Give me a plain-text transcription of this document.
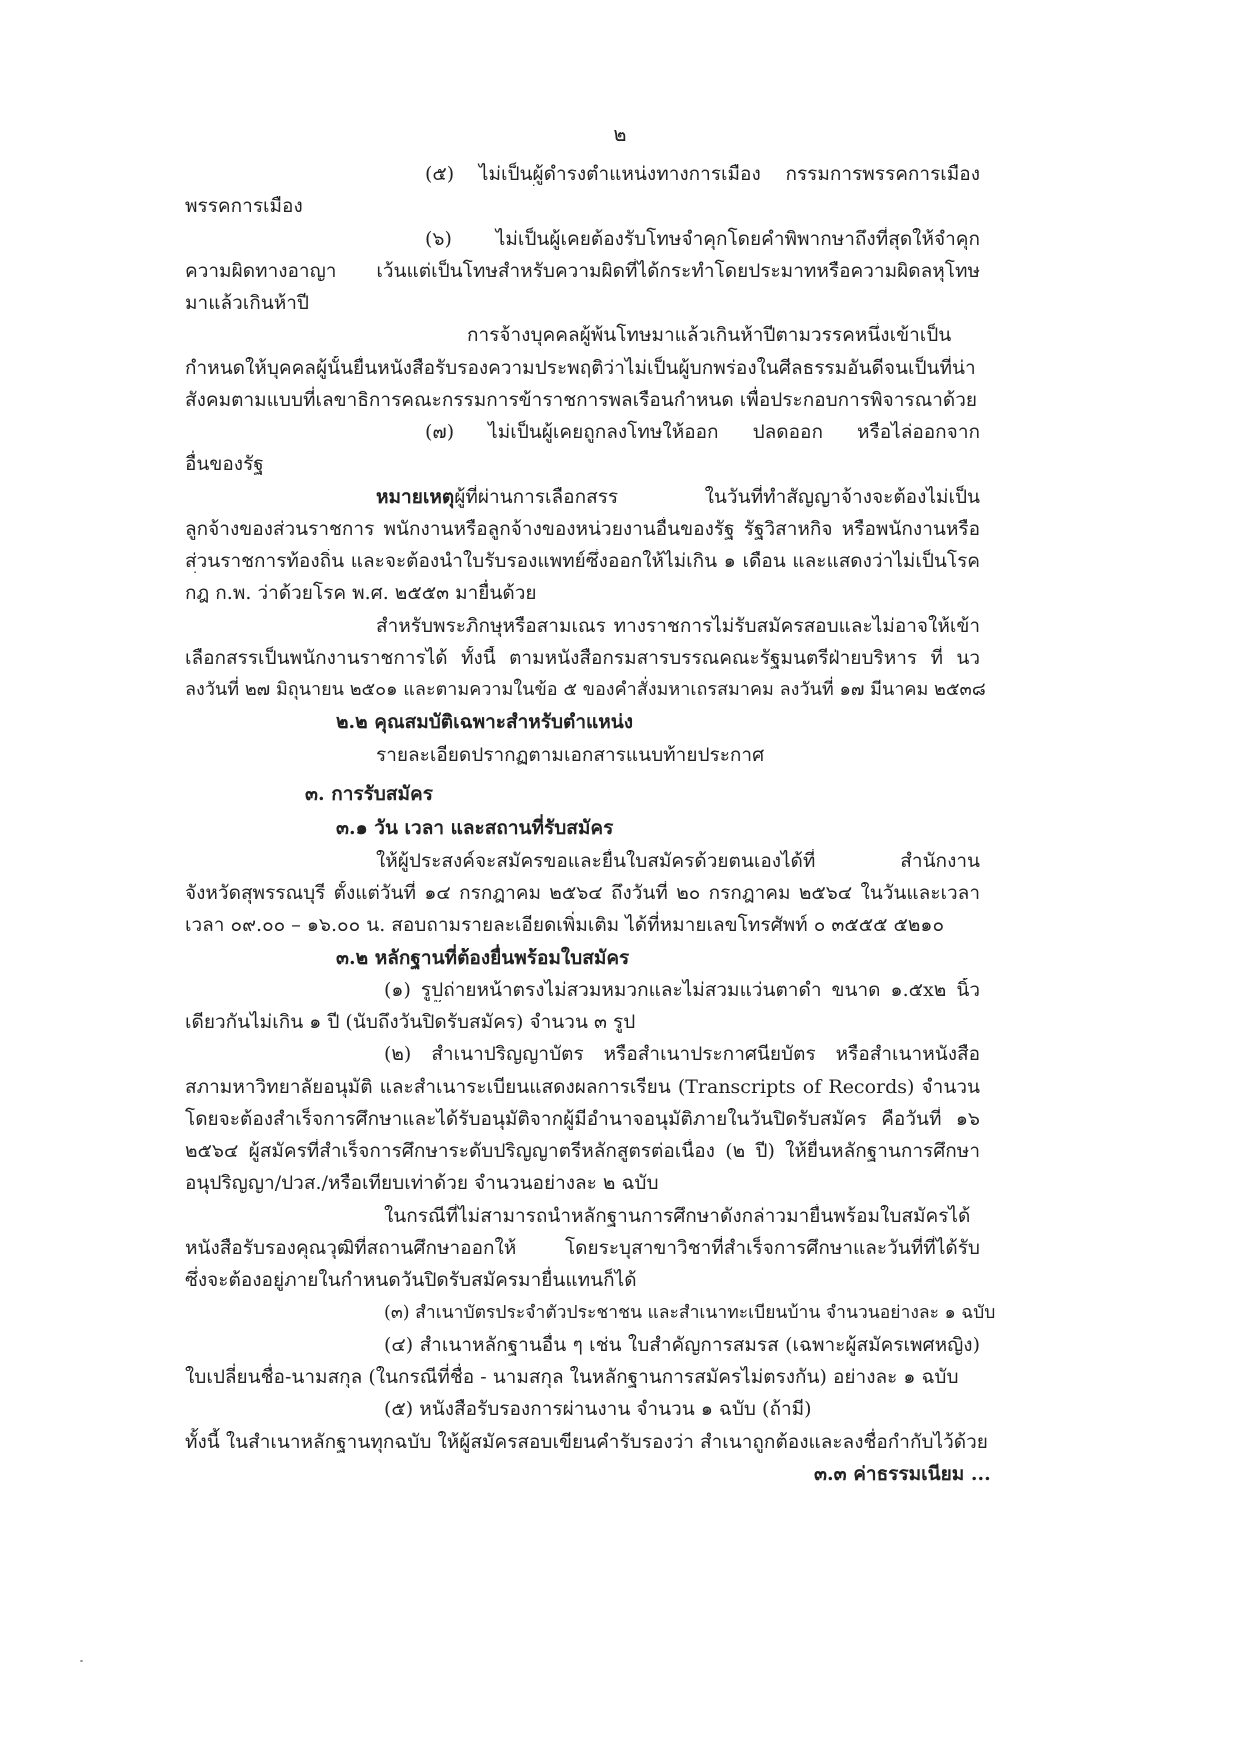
๒
(๕) ไม่เป็นผู้ดำรงตำแหน่งทางการเมือง กรรมการพรรคการเมือง
พรรคการเมือง
(๖) ไม่เป็นผู้เคยต้องรับโทษจำคุกโดยคำพิพากษาถึงที่สุดให้จำคุก
ความผิดทางอาญา เว้นแต่เป็นโทษสำหรับความผิดที่ได้กระทำโดยประมาทหรือความผิดลหุโทษ
มาแล้วเกินห้าปี
การจ้างบุคคลผู้พ้นโทษมาแล้วเกินห้าปีตามวรรคหนึ่งเข้าเป็น
กำหนดให้บุคคลผู้นั้นยื่นหนังสือรับรองความประพฤติว่าไม่เป็นผู้บกพร่องในศีลธรรมอันดีจนเป็นที่น่า
สังคมตามแบบที่เลขาธิการคณะกรรมการข้าราชการพลเรือนกำหนด เพื่อประกอบการพิจารณาด้วย
(๗) ไม่เป็นผู้เคยถูกลงโทษให้ออก ปลดออก หรือไล่ออกจาก
อื่นของรัฐ
หมายเหตุ ผู้ที่ผ่านการเลือกสรร ในวันที่ทำสัญญาจ้างจะต้องไม่เป็น
ลูกจ้างของส่วนราชการ พนักงานหรือลูกจ้างของหน่วยงานอื่นของรัฐ รัฐวิสาหกิจ หรือพนักงานหรือ
ส่วนราชการท้องถิ่น และจะต้องนำใบรับรองแพทย์ซึ่งออกให้ไม่เกิน ๑ เดือน และแสดงว่าไม่เป็นโรค
กฎ ก.พ. ว่าด้วยโรค พ.ศ. ๒๕๕๓ มายื่นด้วย
สำหรับพระภิกษุหรือสามเณร ทางราชการไม่รับสมัครสอบและไม่อาจให้เข้า
เลือกสรรเป็นพนักงานราชการได้ ทั้งนี้ ตามหนังสือกรมสารบรรณคณะรัฐมนตรีฝ่ายบริหาร ที่ นว
ลงวันที่ ๒๗ มิถุนายน ๒๕๐๑ และตามความในข้อ ๕ ของคำสั่งมหาเถรสมาคม ลงวันที่ ๑๗ มีนาคม ๒๕๓๘
๒.๒ คุณสมบัติเฉพาะสำหรับตำแหน่ง
รายละเอียดปรากฏตามเอกสารแนบท้ายประกาศ
๓. การรับสมัคร
๓.๑ วัน เวลา และสถานที่รับสมัคร
ให้ผู้ประสงค์จะสมัครขอและยื่นใบสมัครด้วยตนเองได้ที่ สำนักงาน
จังหวัดสุพรรณบุรี ตั้งแต่วันที่ ๑๔ กรกฎาคม ๒๕๖๔ ถึงวันที่ ๒๐ กรกฎาคม ๒๕๖๔ ในวันและเวลา
เวลา ๐๙.๐๐ – ๑๖.๐๐ น. สอบถามรายละเอียดเพิ่มเติม ได้ที่หมายเลขโทรศัพท์ ๐ ๓๕๕๕ ๕๒๑๐
๓.๒ หลักฐานที่ต้องยื่นพร้อมใบสมัคร
(๑) รูปถ่ายหน้าตรงไม่สวมหมวกและไม่สวมแว่นตาดำ ขนาด ๑.๕x๒ นิ้ว
เดียวกันไม่เกิน ๑ ปี (นับถึงวันปิดรับสมัคร) จำนวน ๓ รูป
(๒) สำเนาปริญญาบัตร หรือสำเนาประกาศนียบัตร หรือสำเนาหนังสือ
สภามหาวิทยาลัยอนุมัติ และสำเนาระเบียนแสดงผลการเรียน (Transcripts of Records) จำนวน
โดยจะต้องสำเร็จการศึกษาและได้รับอนุมัติจากผู้มีอำนาจอนุมัติภายในวันปิดรับสมัคร คือวันที่ ๑๖
๒๕๖๔ ผู้สมัครที่สำเร็จการศึกษาระดับปริญญาตรีหลักสูตรต่อเนื่อง (๒ ปี) ให้ยื่นหลักฐานการศึกษา
อนุปริญญา/ปวส./หรือเทียบเท่าด้วย จำนวนอย่างละ ๒ ฉบับ
ในกรณีที่ไม่สามารถนำหลักฐานการศึกษาดังกล่าวมายื่นพร้อมใบสมัครได้
หนังสือรับรองคุณวุฒิที่สถานศึกษาออกให้ โดยระบุสาขาวิชาที่สำเร็จการศึกษาและวันที่ที่ได้รับ
ซึ่งจะต้องอยู่ภายในกำหนดวันปิดรับสมัครมายื่นแทนก็ได้
(๓) สำเนาบัตรประจำตัวประชาชน และสำเนาทะเบียนบ้าน จำนวนอย่างละ ๑ ฉบับ
(๔) สำเนาหลักฐานอื่น ๆ เช่น ใบสำคัญการสมรส (เฉพาะผู้สมัครเพศหญิง)
ใบเปลี่ยนชื่อ-นามสกุล (ในกรณีที่ชื่อ - นามสกุล ในหลักฐานการสมัครไม่ตรงกัน) อย่างละ ๑ ฉบับ
(๕) หนังสือรับรองการผ่านงาน จำนวน ๑ ฉบับ (ถ้ามี)
ทั้งนี้ ในสำเนาหลักฐานทุกฉบับ ให้ผู้สมัครสอบเขียนคำรับรองว่า สำเนาถูกต้องและลงชื่อกำกับไว้ด้วย
๓.๓ ค่าธรรมเนียม ...
